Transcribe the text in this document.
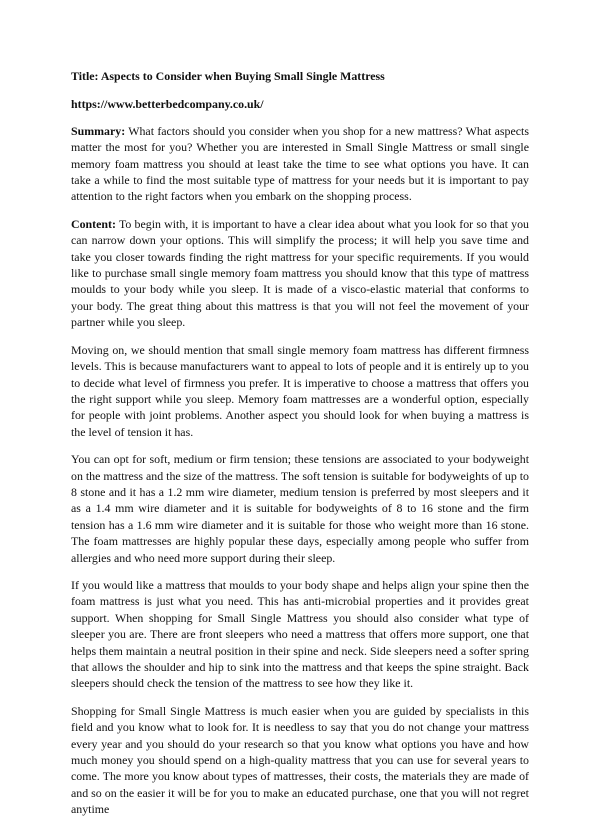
Title: Aspects to Consider when Buying Small Single Mattress
https://www.betterbedcompany.co.uk/

Summary: What factors should you consider when you shop for a new mattress? What aspects matter the most for you? Whether you are interested in Small Single Mattress or small single memory foam mattress you should at least take the time to see what options you have. It can take a while to find the most suitable type of mattress for your needs but it is important to pay attention to the right factors when you embark on the shopping process.

Content: To begin with, it is important to have a clear idea about what you look for so that you can narrow down your options. This will simplify the process; it will help you save time and take you closer towards finding the right mattress for your specific requirements. If you would like to purchase small single memory foam mattress you should know that this type of mattress moulds to your body while you sleep. It is made of a visco-elastic material that conforms to your body. The great thing about this mattress is that you will not feel the movement of your partner while you sleep.

Moving on, we should mention that small single memory foam mattress has different firmness levels. This is because manufacturers want to appeal to lots of people and it is entirely up to you to decide what level of firmness you prefer. It is imperative to choose a mattress that offers you the right support while you sleep. Memory foam mattresses are a wonderful option, especially for people with joint problems. Another aspect you should look for when buying a mattress is the level of tension it has.

You can opt for soft, medium or firm tension; these tensions are associated to your bodyweight on the mattress and the size of the mattress. The soft tension is suitable for bodyweights of up to 8 stone and it has a 1.2 mm wire diameter, medium tension is preferred by most sleepers and it as a 1.4 mm wire diameter and it is suitable for bodyweights of 8 to 16 stone and the firm tension has a 1.6 mm wire diameter and it is suitable for those who weight more than 16 stone. The foam mattresses are highly popular these days, especially among people who suffer from allergies and who need more support during their sleep.

If you would like a mattress that moulds to your body shape and helps align your spine then the foam mattress is just what you need. This has anti-microbial properties and it provides great support. When shopping for Small Single Mattress you should also consider what type of sleeper you are. There are front sleepers who need a mattress that offers more support, one that helps them maintain a neutral position in their spine and neck. Side sleepers need a softer spring that allows the shoulder and hip to sink into the mattress and that keeps the spine straight. Back sleepers should check the tension of the mattress to see how they like it.

Shopping for Small Single Mattress is much easier when you are guided by specialists in this field and you know what to look for. It is needless to say that you do not change your mattress every year and you should do your research so that you know what options you have and how much money you should spend on a high-quality mattress that you can use for several years to come. The more you know about types of mattresses, their costs, the materials they are made of and so on the easier it will be for you to make an educated purchase, one that you will not regret anytime
